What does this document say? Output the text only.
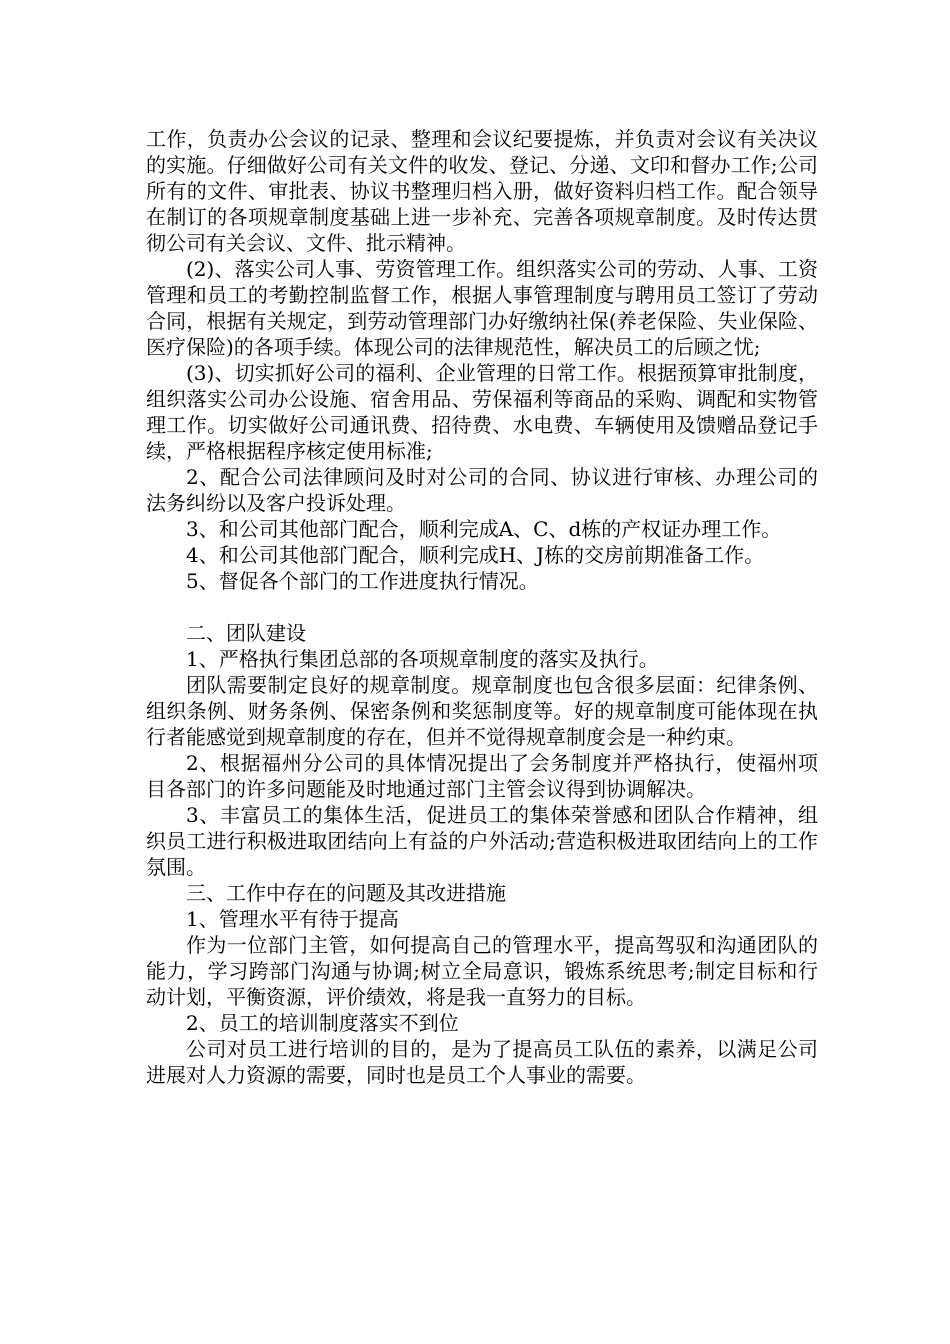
工作，负责办公会议的记录、整理和会议纪要提炼，并负责对会议有关决议的实施。仔细做好公司有关文件的收发、登记、分递、文印和督办工作;公司所有的文件、审批表、协议书整理归档入册，做好资料归档工作。配合领导在制订的各项规章制度基础上进一步补充、完善各项规章制度。及时传达贯彻公司有关会议、文件、批示精神。

(2)、落实公司人事、劳资管理工作。组织落实公司的劳动、人事、工资管理和员工的考勤控制监督工作，根据人事管理制度与聘用员工签订了劳动合同，根据有关规定，到劳动管理部门办好缴纳社保(养老保险、失业保险、医疗保险)的各项手续。体现公司的法律规范性，解决员工的后顾之忧;

(3)、切实抓好公司的福利、企业管理的日常工作。根据预算审批制度，组织落实公司办公设施、宿舍用品、劳保福利等商品的采购、调配和实物管理工作。切实做好公司通讯费、招待费、水电费、车辆使用及馈赠品登记手续，严格根据程序核定使用标准;

2、配合公司法律顾问及时对公司的合同、协议进行审核、办理公司的法务纠纷以及客户投诉处理。

3、和公司其他部门配合，顺利完成A、C、d栋的产权证办理工作。

4、和公司其他部门配合，顺利完成H、J栋的交房前期准备工作。

5、督促各个部门的工作进度执行情况。

二、团队建设

1、严格执行集团总部的各项规章制度的落实及执行。

团队需要制定良好的规章制度。规章制度也包含很多层面：纪律条例、组织条例、财务条例、保密条例和奖惩制度等。好的规章制度可能体现在执行者能感觉到规章制度的存在，但并不觉得规章制度会是一种约束。

2、根据福州分公司的具体情况提出了会务制度并严格执行，使福州项目各部门的许多问题能及时地通过部门主管会议得到协调解决。

3、丰富员工的集体生活，促进员工的集体荣誉感和团队合作精神，组织员工进行积极进取团结向上有益的户外活动;营造积极进取团结向上的工作氛围。

三、工作中存在的问题及其改进措施

1、管理水平有待于提高

作为一位部门主管，如何提高自己的管理水平，提高驾驭和沟通团队的能力，学习跨部门沟通与协调;树立全局意识，锻炼系统思考;制定目标和行动计划，平衡资源，评价绩效，将是我一直努力的目标。

2、员工的培训制度落实不到位

公司对员工进行培训的目的，是为了提高员工队伍的素养，以满足公司进展对人力资源的需要，同时也是员工个人事业的需要。
